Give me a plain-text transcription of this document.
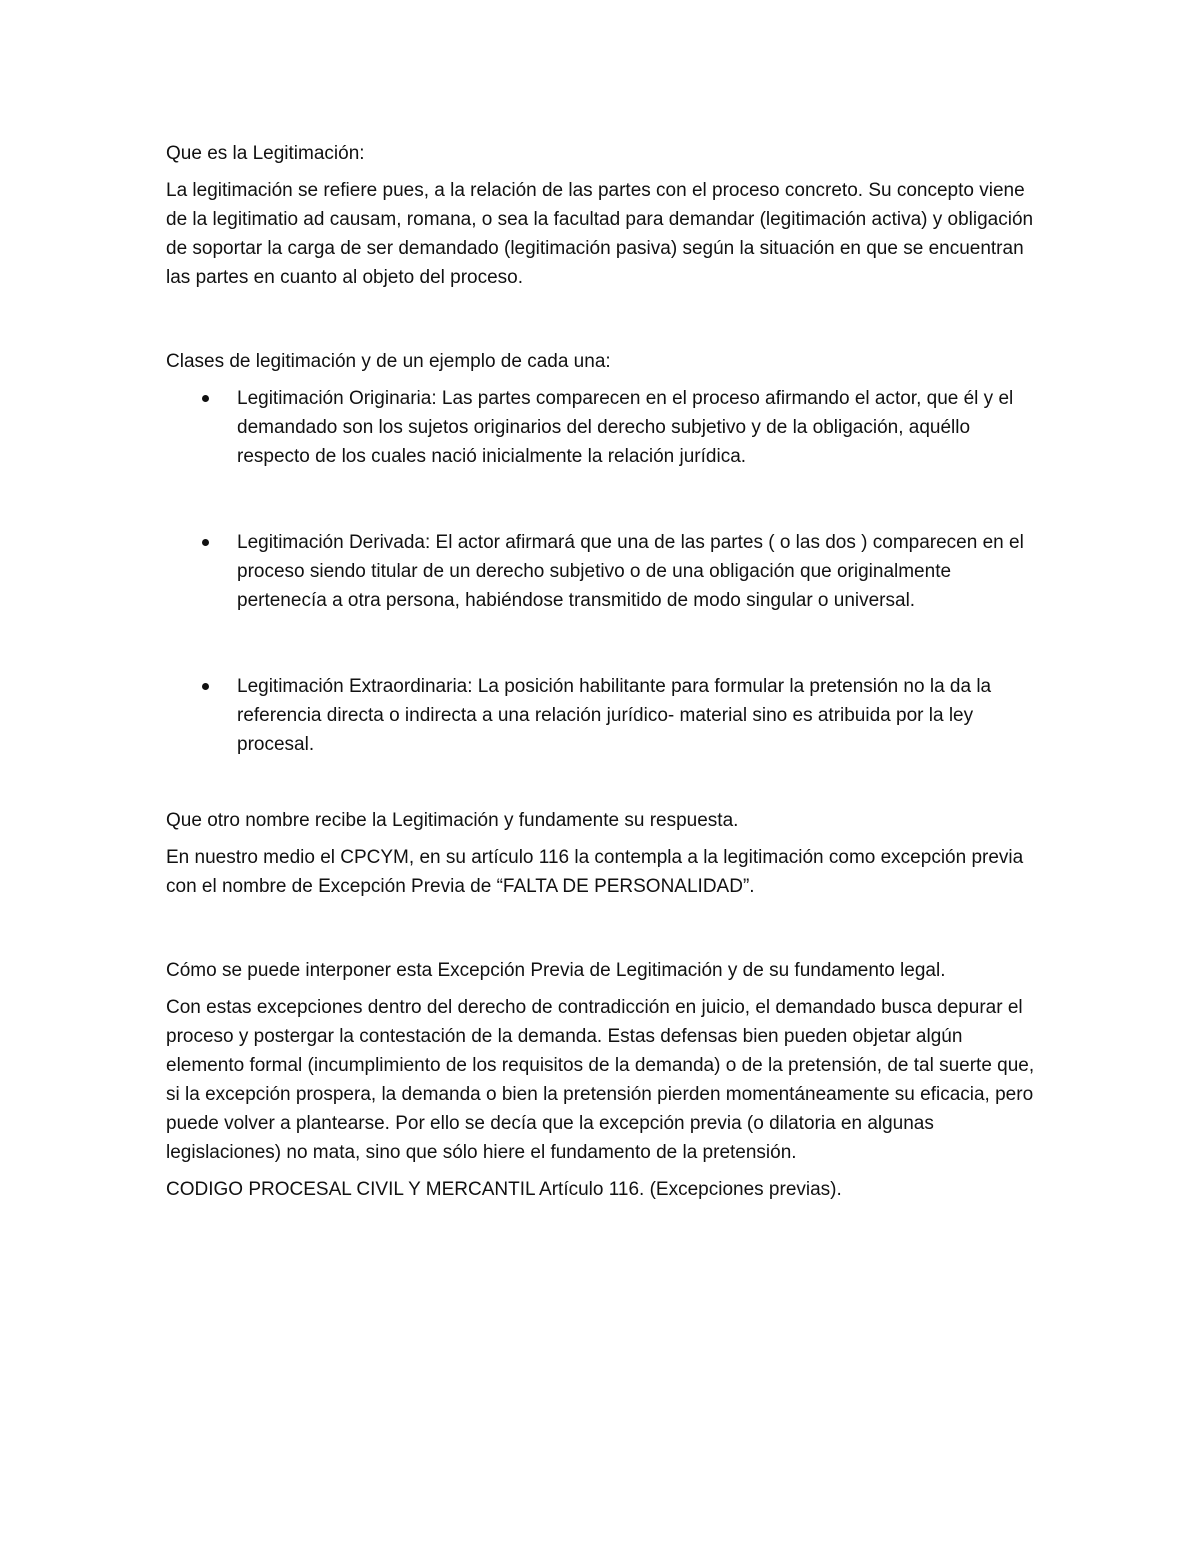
Que es la Legitimación:

La legitimación se refiere pues, a la relación de las partes con el proceso concreto. Su concepto viene de la legitimatio ad causam, romana, o sea la facultad para demandar (legitimación activa) y obligación de soportar la carga de ser demandado (legitimación pasiva) según la situación en que se encuentran las partes en cuanto al objeto del proceso.

Clases de legitimación y de un ejemplo de cada una:

Legitimación Originaria: Las partes comparecen en el proceso afirmando el actor, que él y el demandado son los sujetos originarios del derecho subjetivo y de la obligación, aquéllo respecto de los cuales nació inicialmente la relación jurídica.
Legitimación Derivada: El actor afirmará que una de las partes ( o las dos ) comparecen en el proceso siendo titular de un derecho subjetivo o de una obligación que originalmente pertenecía a otra persona, habiéndose transmitido de modo singular o universal.
Legitimación Extraordinaria: La posición habilitante para formular la pretensión no la da la referencia directa o indirecta a una relación jurídico- material sino es atribuida por la ley procesal.

Que otro nombre recibe la Legitimación y fundamente su respuesta.

En nuestro medio el CPCYM, en su artículo 116 la contempla a la legitimación como excepción previa con el nombre de Excepción Previa de “FALTA DE PERSONALIDAD”.

Cómo se puede interponer esta Excepción Previa de Legitimación y de su fundamento legal.

Con estas excepciones dentro del derecho de contradicción en juicio, el demandado busca depurar el proceso y postergar la contestación de la demanda. Estas defensas bien pueden objetar algún elemento formal (incumplimiento de los requisitos de la demanda) o de la pretensión, de tal suerte que, si la excepción prospera, la demanda o bien la pretensión pierden momentáneamente su eficacia, pero puede volver a plantearse. Por ello se decía que la excepción previa (o dilatoria en algunas legislaciones) no mata, sino que sólo hiere el fundamento de la pretensión.

CODIGO PROCESAL CIVIL Y MERCANTIL Artículo 116. (Excepciones previas).
